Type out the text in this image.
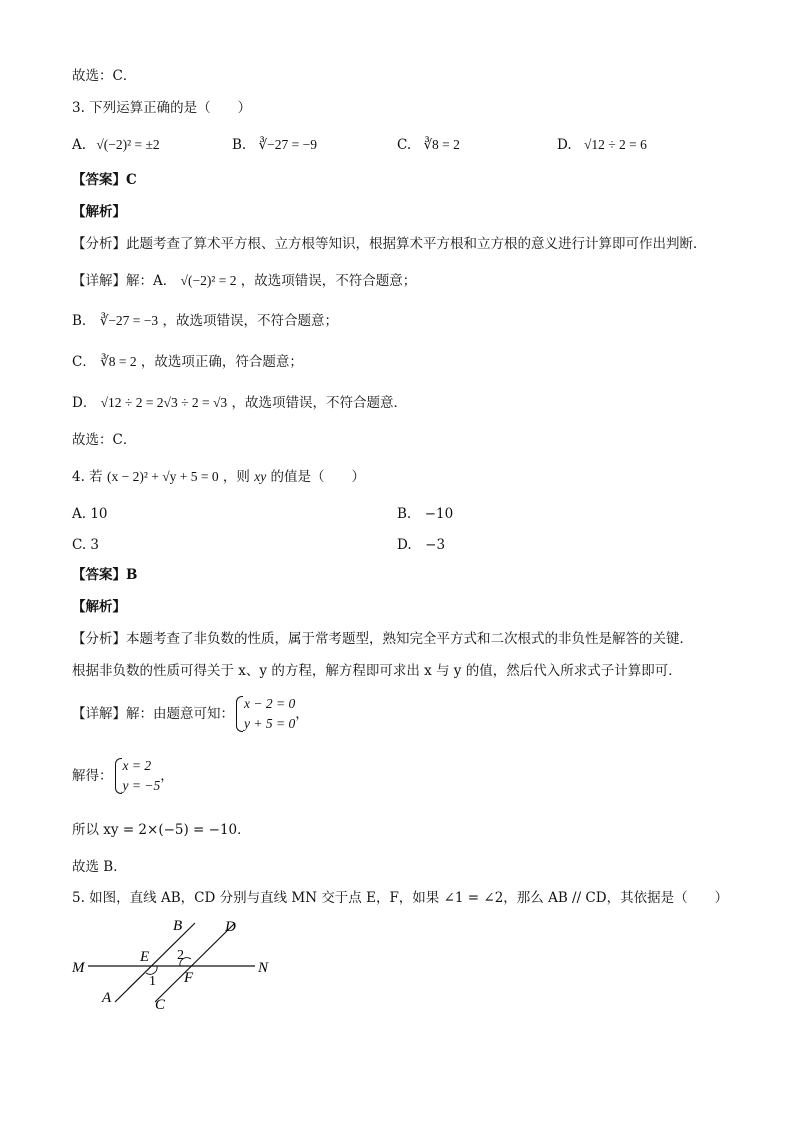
故选：C．
3. 下列运算正确的是（　　）
A. √(−2)² = ±2	B. ∛−27 = −9	C. ∛8 = 2	D. √12 ÷ 2 = 6
【答案】C
【解析】
【分析】此题考查了算术平方根、立方根等知识，根据算术平方根和立方根的意义进行计算即可作出判断．
【详解】解：A． √(−2)² = 2 ，故选项错误，不符合题意；
B． ∛−27 = −3 ，故选项错误，不符合题意；
C． ∛8 = 2 ，故选项正确，符合题意；
D． √12 ÷ 2 = 2√3 ÷ 2 = √3 ，故选项错误，不符合题意．
故选：C．
4. 若 (x − 2)² + √y + 5 = 0 ，则 xy 的值是（　　）
A. 10	B.　−10
C. 3	D.　−3
【答案】B
【解析】
【分析】本题考查了非负数的性质，属于常考题型，熟知完全平方式和二次根式的非负性是解答的关键．
根据非负数的性质可得关于 x、y 的方程，解方程即可求出 x 与 y 的值，然后代入所求式子计算即可．
【详解】解：由题意可知：
x − 2 = 0
y + 5 = 0
，
解得：
x = 2
y = −5
，
所以 xy = 2×(−5) = −10．
故选 B．
5. 如图，直线 AB，CD 分别与直线 MN 交于点 E，F，如果 ∠1 = ∠2，那么 AB // CD，其依据是（　　）
M	N
A
B
C
D
E
F
1
2
